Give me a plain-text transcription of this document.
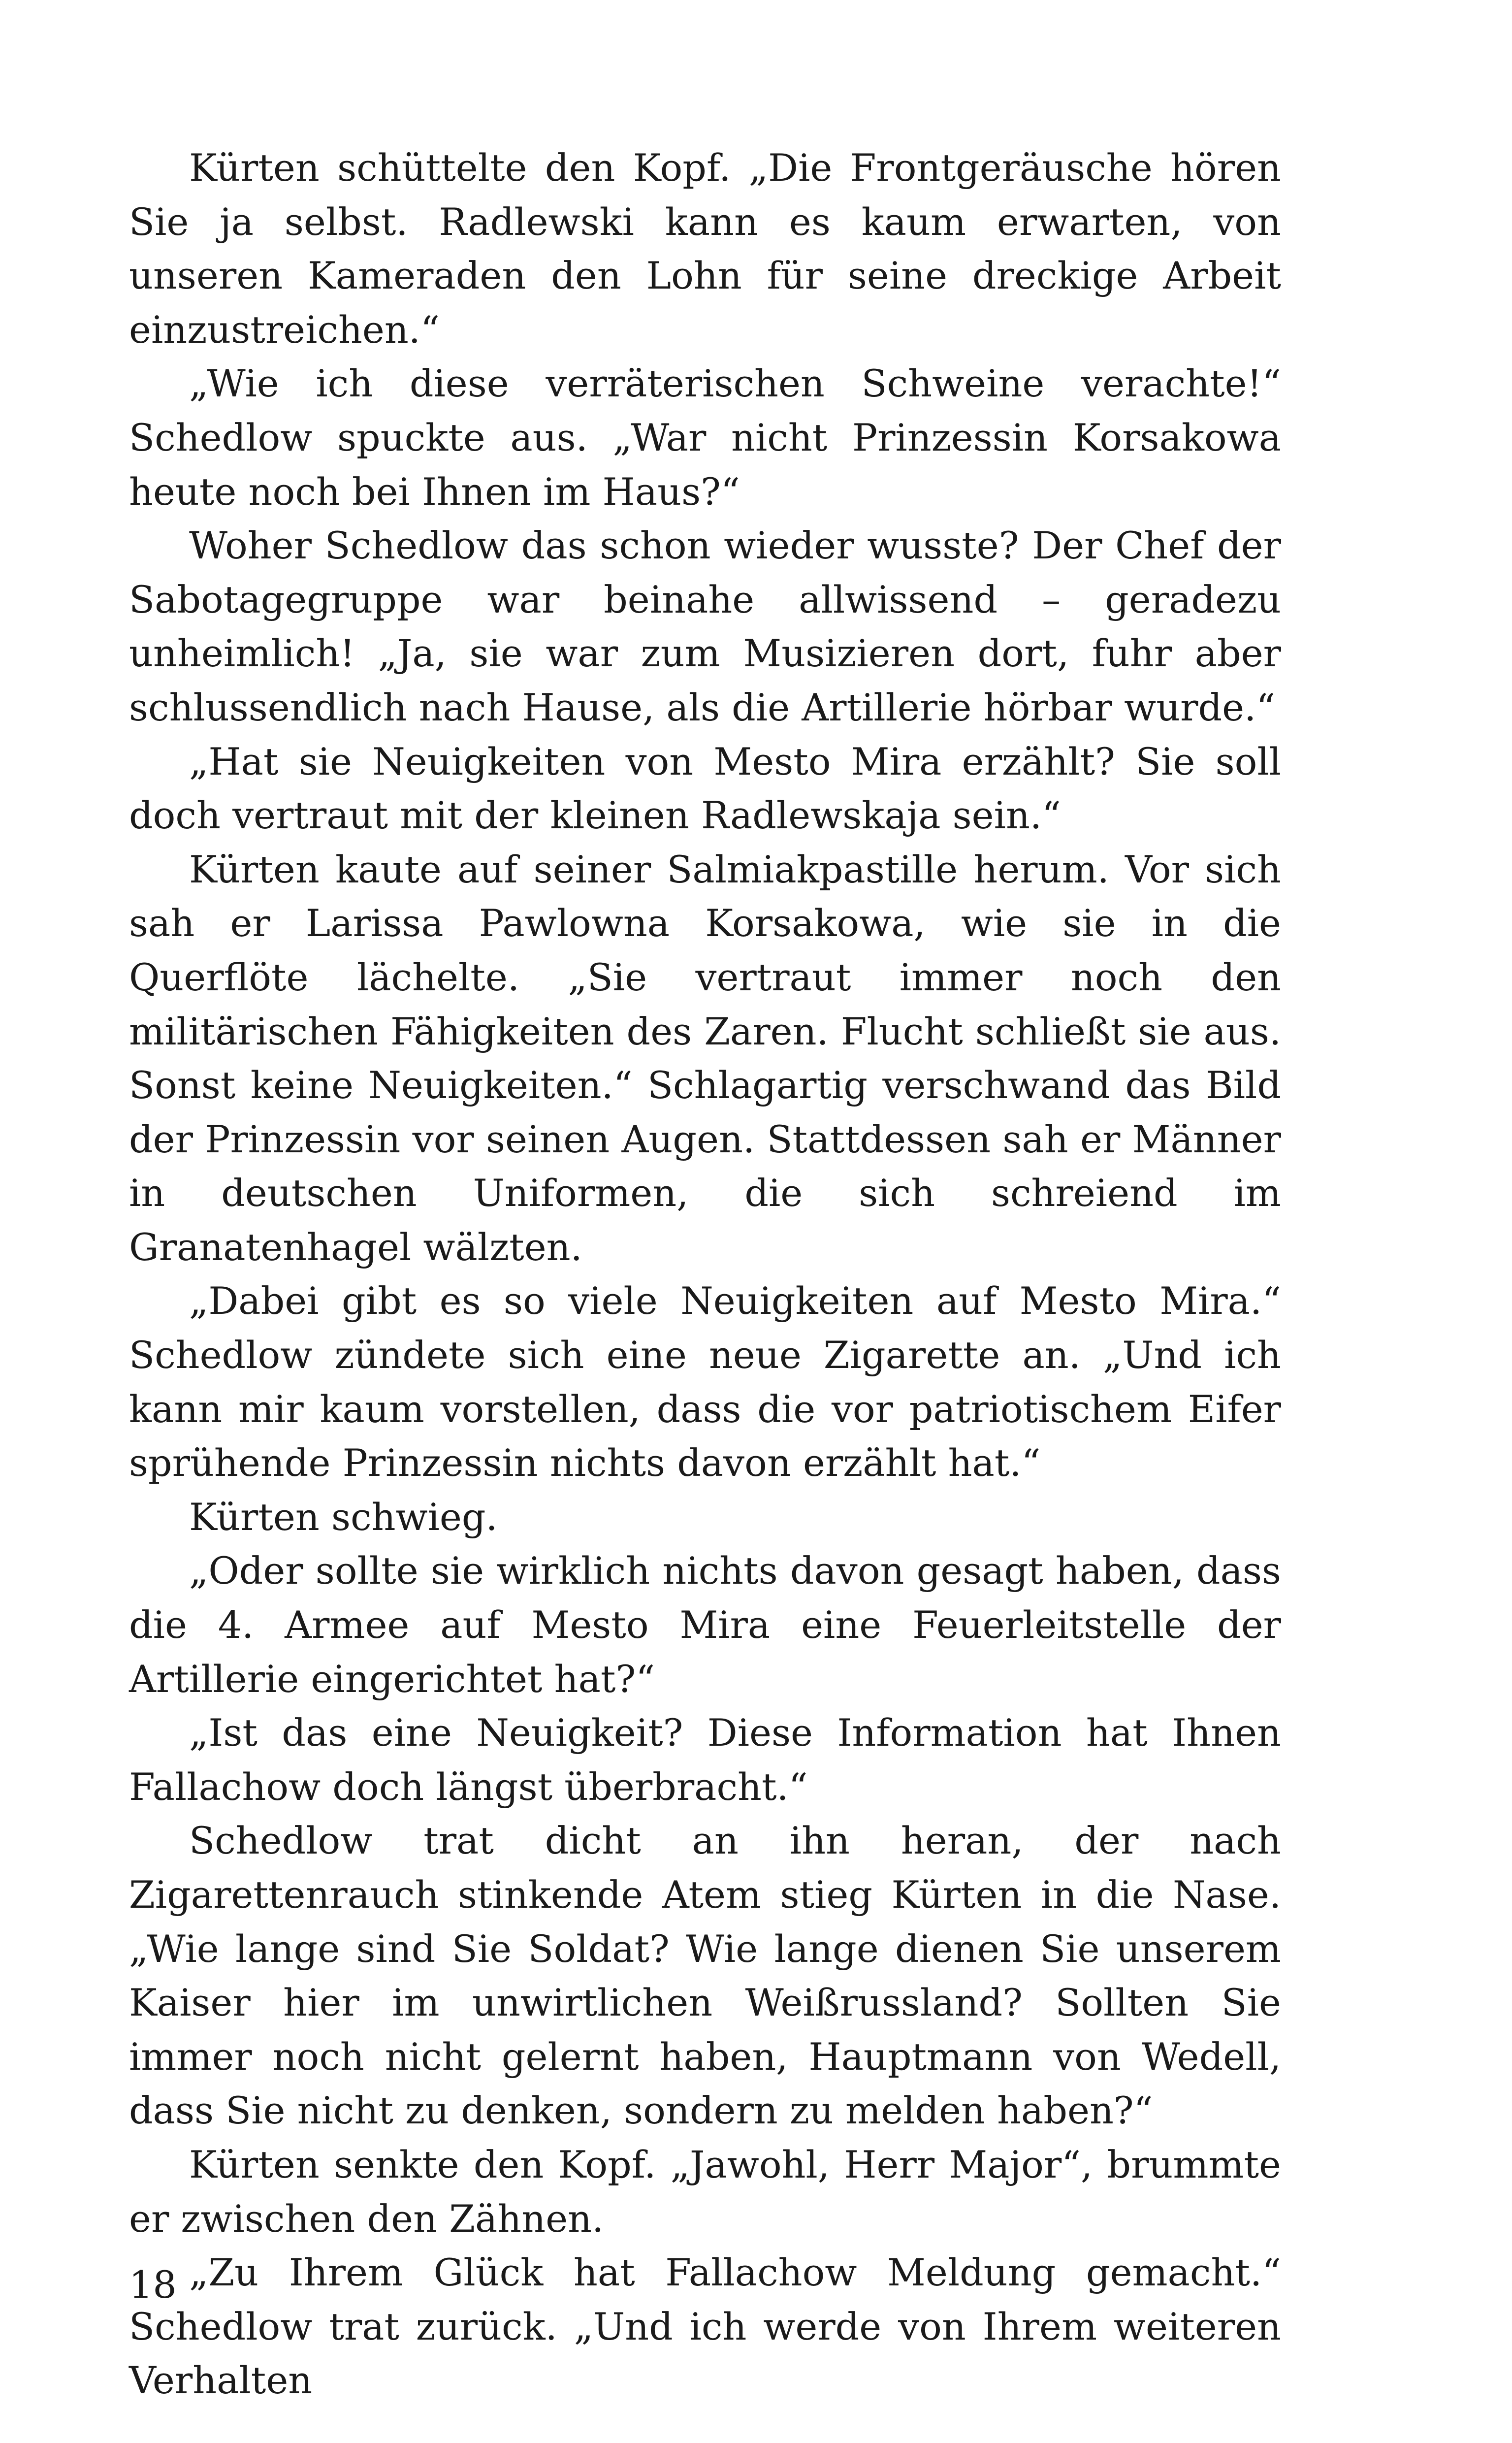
Kürten schüttelte den Kopf. „Die Frontgeräusche hören Sie ja selbst. Radlewski kann es kaum erwarten, von unseren Kameraden den Lohn für seine dreckige Arbeit einzustreichen.“

„Wie ich diese verräterischen Schweine verachte!“ Schedlow spuckte aus. „War nicht Prinzessin Korsakowa heute noch bei Ihnen im Haus?“

Woher Schedlow das schon wieder wusste? Der Chef der Sabotagegruppe war beinahe allwissend – geradezu unheimlich! „Ja, sie war zum Musizieren dort, fuhr aber schlussendlich nach Hause, als die Artillerie hörbar wurde.“

„Hat sie Neuigkeiten von Mesto Mira erzählt? Sie soll doch vertraut mit der kleinen Radlewskaja sein.“

Kürten kaute auf seiner Salmiakpastille herum. Vor sich sah er Larissa Pawlowna Korsakowa, wie sie in die Querflöte lächelte. „Sie vertraut immer noch den militärischen Fähigkeiten des Zaren. Flucht schließt sie aus. Sonst keine Neuigkeiten.“ Schlagartig verschwand das Bild der Prinzessin vor seinen Augen. Stattdessen sah er Männer in deutschen Uniformen, die sich schreiend im Granatenhagel wälzten.

„Dabei gibt es so viele Neuigkeiten auf Mesto Mira.“ Schedlow zündete sich eine neue Zigarette an. „Und ich kann mir kaum vorstellen, dass die vor patriotischem Eifer sprühende Prinzessin nichts davon erzählt hat.“

Kürten schwieg.

„Oder sollte sie wirklich nichts davon gesagt haben, dass die 4. Armee auf Mesto Mira eine Feuerleitstelle der Artillerie eingerichtet hat?“

„Ist das eine Neuigkeit? Diese Information hat Ihnen Fallachow doch längst überbracht.“

Schedlow trat dicht an ihn heran, der nach Zigarettenrauch stinkende Atem stieg Kürten in die Nase. „Wie lange sind Sie Soldat? Wie lange dienen Sie unserem Kaiser hier im unwirtlichen Weißrussland? Sollten Sie immer noch nicht gelernt haben, Hauptmann von Wedell, dass Sie nicht zu denken, sondern zu melden haben?“

Kürten senkte den Kopf. „Jawohl, Herr Major“, brummte er zwischen den Zähnen.

„Zu Ihrem Glück hat Fallachow Meldung gemacht.“ Schedlow trat zurück. „Und ich werde von Ihrem weiteren Verhalten

18
